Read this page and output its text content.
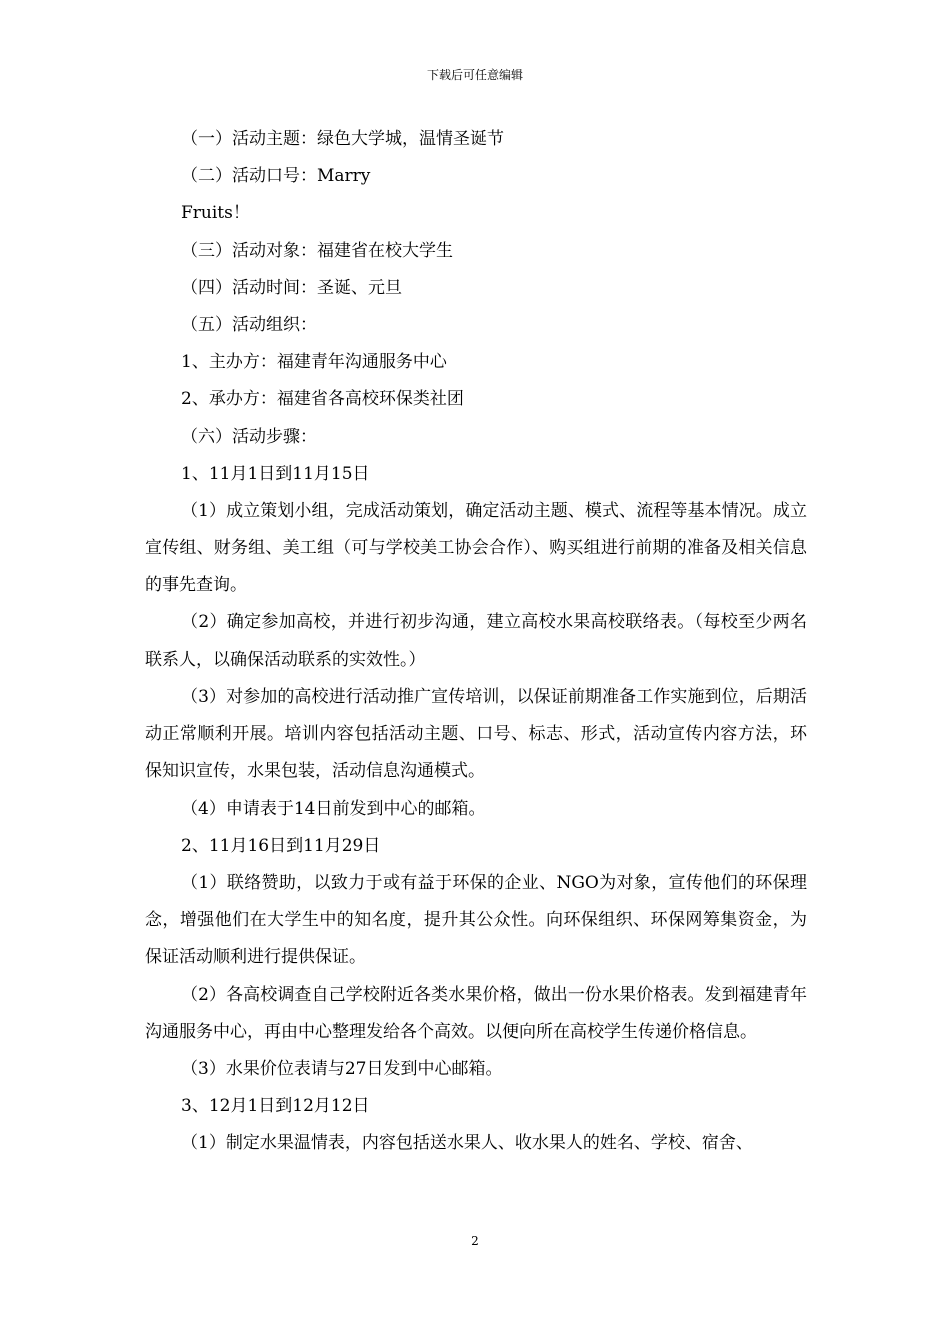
下载后可任意编辑
（一）活动主题：绿色大学城，温情圣诞节
（二）活动口号：Marry
Fruits！
（三）活动对象：福建省在校大学生
（四）活动时间：圣诞、元旦
（五）活动组织：
1、主办方：福建青年沟通服务中心
2、承办方：福建省各高校环保类社团
（六）活动步骤：
1、11月1日到11月15日
（1）成立策划小组，完成活动策划，确定活动主题、模式、流程等基本情况。成立宣传组、财务组、美工组（可与学校美工协会合作）、购买组进行前期的准备及相关信息的事先查询。
（2）确定参加高校，并进行初步沟通，建立高校水果高校联络表。（每校至少两名联系人，以确保活动联系的实效性。）
（3）对参加的高校进行活动推广宣传培训，以保证前期准备工作实施到位，后期活动正常顺利开展。培训内容包括活动主题、口号、标志、形式，活动宣传内容方法，环保知识宣传，水果包装，活动信息沟通模式。
（4）申请表于14日前发到中心的邮箱。
2、11月16日到11月29日
（1）联络赞助，以致力于或有益于环保的企业、NGO为对象，宣传他们的环保理念，增强他们在大学生中的知名度，提升其公众性。向环保组织、环保网筹集资金，为保证活动顺利进行提供保证。
（2）各高校调查自己学校附近各类水果价格，做出一份水果价格表。发到福建青年沟通服务中心，再由中心整理发给各个高效。以便向所在高校学生传递价格信息。
（3）水果价位表请与27日发到中心邮箱。
3、12月1日到12月12日
（1）制定水果温情表，内容包括送水果人、收水果人的姓名、学校、宿舍、
2
